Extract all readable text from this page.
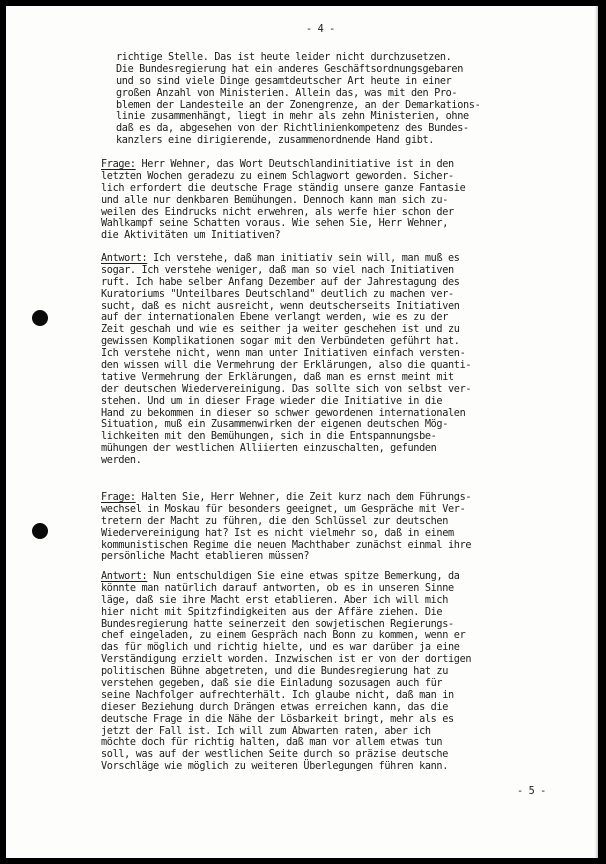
- 4 -
richtige Stelle. Das ist heute leider nicht durchzusetzen.
Die Bundesregierung hat ein anderes Geschäftsordnungsgebaren
und so sind viele Dinge gesamtdeutscher Art heute in einer
großen Anzahl von Ministerien. Allein das, was mit den Pro-
blemen der Landesteile an der Zonengrenze, an der Demarkations-
linie zusammenhängt, liegt in mehr als zehn Ministerien, ohne
daß es da, abgesehen von der Richtlinienkompetenz des Bundes-
kanzlers eine dirigierende, zusammenordnende Hand gibt.
Frage: Herr Wehner, das Wort Deutschlandinitiative ist in den
letzten Wochen geradezu zu einem Schlagwort geworden. Sicher-
lich erfordert die deutsche Frage ständig unsere ganze Fantasie
und alle nur denkbaren Bemühungen. Dennoch kann man sich zu-
weilen des Eindrucks nicht erwehren, als werfe hier schon der
Wahlkampf seine Schatten voraus. Wie sehen Sie, Herr Wehner,
die Aktivitäten um Initiativen?
Antwort: Ich verstehe, daß man initiativ sein will, man muß es
sogar. Ich verstehe weniger, daß man so viel nach Initiativen
ruft. Ich habe selber Anfang Dezember auf der Jahrestagung des
Kuratoriums "Unteilbares Deutschland" deutlich zu machen ver-
sucht, daß es nicht ausreicht, wenn deutscherseits Initiativen
auf der internationalen Ebene verlangt werden, wie es zu der
Zeit geschah und wie es seither ja weiter geschehen ist und zu
gewissen Komplikationen sogar mit den Verbündeten geführt hat.
Ich verstehe nicht, wenn man unter Initiativen einfach versten-
den wissen will die Vermehrung der Erklärungen, also die quanti-
tative Vermehrung der Erklärungen, daß man es ernst meint mit
der deutschen Wiedervereinigung. Das sollte sich von selbst ver-
stehen. Und um in dieser Frage wieder die Initiative in die
Hand zu bekommen in dieser so schwer gewordenen internationalen
Situation, muß ein Zusammenwirken der eigenen deutschen Mög-
lichkeiten mit den Bemühungen, sich in die Entspannungsbe-
mühungen der westlichen Alliierten einzuschalten, gefunden
werden.
Frage: Halten Sie, Herr Wehner, die Zeit kurz nach dem Führungs-
wechsel in Moskau für besonders geeignet, um Gespräche mit Ver-
tretern der Macht zu führen, die den Schlüssel zur deutschen
Wiedervereinigung hat? Ist es nicht vielmehr so, daß in einem
kommunistischen Regime die neuen Machthaber zunächst einmal ihre
persönliche Macht etablieren müssen?
Antwort: Nun entschuldigen Sie eine etwas spitze Bemerkung, da
könnte man natürlich darauf antworten, ob es in unseren Sinne
läge, daß sie ihre Macht erst etablieren. Aber ich will mich
hier nicht mit Spitzfindigkeiten aus der Affäre ziehen. Die
Bundesregierung hatte seinerzeit den sowjetischen Regierungs-
chef eingeladen, zu einem Gespräch nach Bonn zu kommen, wenn er
das für möglich und richtig hielte, und es war darüber ja eine
Verständigung erzielt worden. Inzwischen ist er von der dortigen
politischen Bühne abgetreten, und die Bundesregierung hat zu
verstehen gegeben, daß sie die Einladung sozusagen auch für
seine Nachfolger aufrechterhält. Ich glaube nicht, daß man in
dieser Beziehung durch Drängen etwas erreichen kann, das die
deutsche Frage in die Nähe der Lösbarkeit bringt, mehr als es
jetzt der Fall ist. Ich will zum Abwarten raten, aber ich
möchte doch für richtig halten, daß man vor allem etwas tun
soll, was auf der westlichen Seite durch so präzise deutsche
Vorschläge wie möglich zu weiteren Überlegungen führen kann.
- 5 -
